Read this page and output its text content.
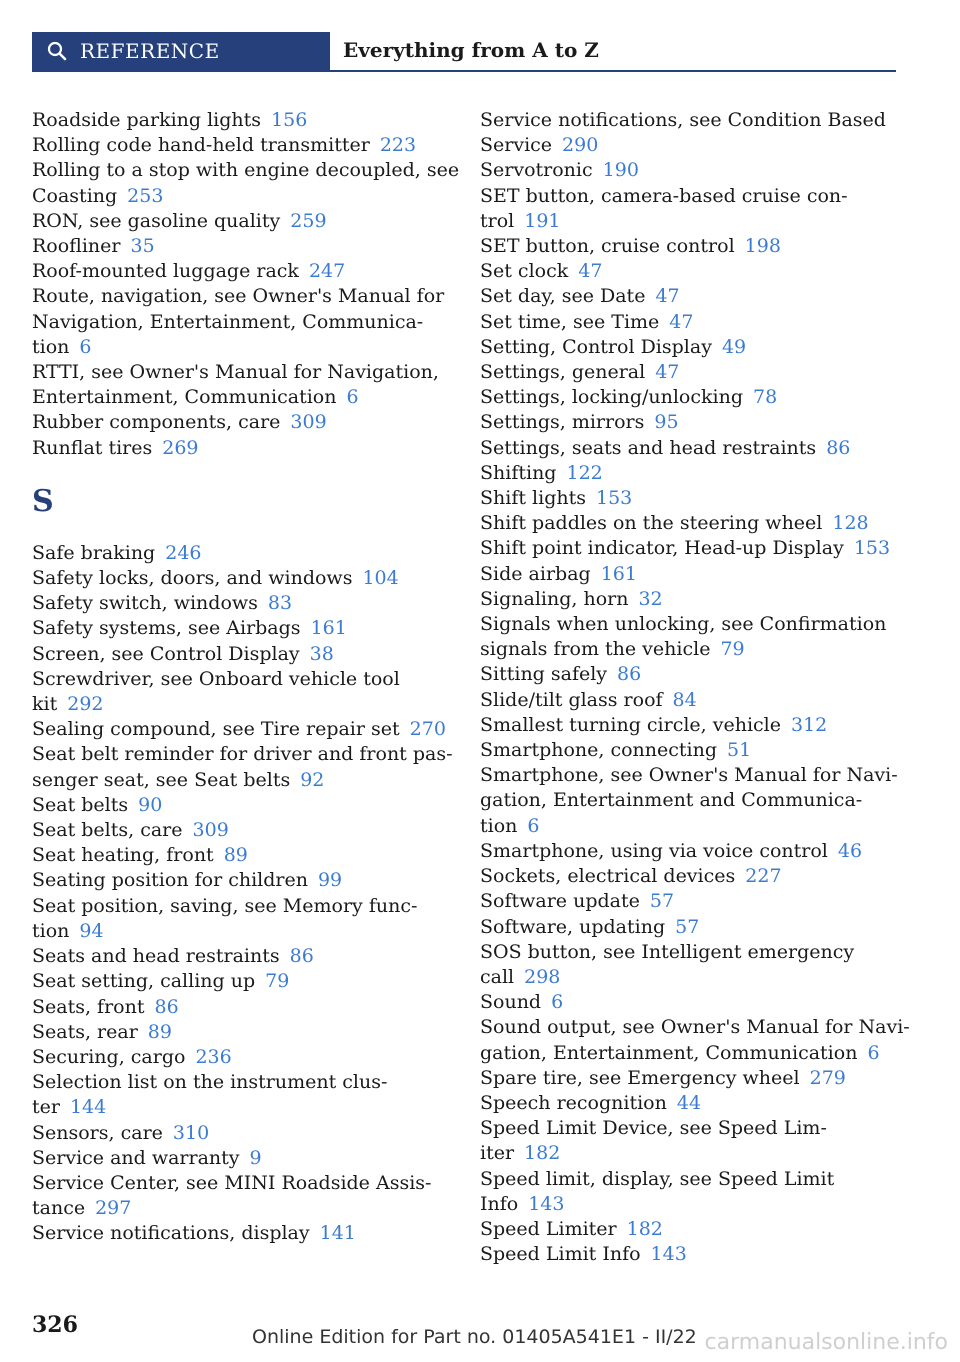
REFERENCE	Everything from A to Z
Roadside parking lights 156
Rolling code hand-held transmitter 223
Rolling to a stop with engine decoupled, see
Coasting 253
RON, see gasoline quality 259
Roofliner 35
Roof-mounted luggage rack 247
Route, navigation, see Owner's Manual for
Navigation, Entertainment, Communica-
tion 6
RTTI, see Owner's Manual for Navigation,
Entertainment, Communication 6
Rubber components, care 309
Runflat tires 269
S
Safe braking 246
Safety locks, doors, and windows 104
Safety switch, windows 83
Safety systems, see Airbags 161
Screen, see Control Display 38
Screwdriver, see Onboard vehicle tool
kit 292
Sealing compound, see Tire repair set 270
Seat belt reminder for driver and front pas-
senger seat, see Seat belts 92
Seat belts 90
Seat belts, care 309
Seat heating, front 89
Seating position for children 99
Seat position, saving, see Memory func-
tion 94
Seats and head restraints 86
Seat setting, calling up 79
Seats, front 86
Seats, rear 89
Securing, cargo 236
Selection list on the instrument clus-
ter 144
Sensors, care 310
Service and warranty 9
Service Center, see MINI Roadside Assis-
tance 297
Service notifications, display 141
Service notifications, see Condition Based
Service 290
Servotronic 190
SET button, camera-based cruise con-
trol 191
SET button, cruise control 198
Set clock 47
Set day, see Date 47
Set time, see Time 47
Setting, Control Display 49
Settings, general 47
Settings, locking/unlocking 78
Settings, mirrors 95
Settings, seats and head restraints 86
Shifting 122
Shift lights 153
Shift paddles on the steering wheel 128
Shift point indicator, Head-up Display 153
Side airbag 161
Signaling, horn 32
Signals when unlocking, see Confirmation
signals from the vehicle 79
Sitting safely 86
Slide/tilt glass roof 84
Smallest turning circle, vehicle 312
Smartphone, connecting 51
Smartphone, see Owner's Manual for Navi-
gation, Entertainment and Communica-
tion 6
Smartphone, using via voice control 46
Sockets, electrical devices 227
Software update 57
Software, updating 57
SOS button, see Intelligent emergency
call 298
Sound 6
Sound output, see Owner's Manual for Navi-
gation, Entertainment, Communication 6
Spare tire, see Emergency wheel 279
Speech recognition 44
Speed Limit Device, see Speed Lim-
iter 182
Speed limit, display, see Speed Limit
Info 143
Speed Limiter 182
Speed Limit Info 143
326	Online Edition for Part no. 01405A541E1 - II/22 carmanualsonline.info
